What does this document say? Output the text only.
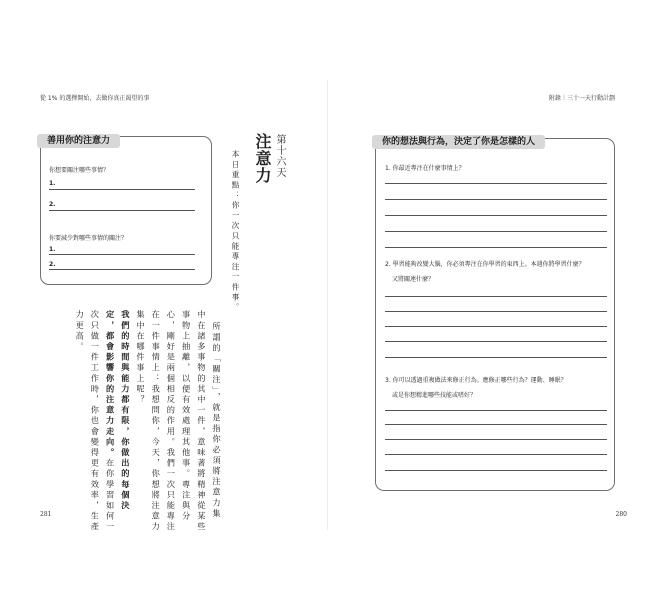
從 1% 的選擇開始，去做你真正渴望的事
善用你的注意力
你想要關注哪些事情？
1.
2.
你要減少對哪些事情的關注？
1.
2.
第十六天
注意力
本日重點：你一次只能專注一件事。
所謂的「關注」，就是指你必須將注意力集
中在諸多事物的其中一件，意味著將精神從某些
事物上抽離，以便有效處理其他事。專注與分
心，剛好是兩個相反的作用。我們一次只能專注
在一件事情上：我想問你，今天，你想將注意力
集中在哪件事上呢？
我們的時間與能力都有限，你做出的每個決
定，都會影響你的注意力走向。在你學習如何一
次只做一件工作時，你也會變得更有效率，生產
力更高。
281
附錄｜三十一天行動計劃
你的想法與行為，決定了你是怎樣的人
1. 你最近專注在什麼事情上？
2. 學習能夠改變大腦，你必須專注在你學習的東西上。本週你將學習什麼？
又將關連什麼？
3. 你可以透過重複做法來修正行為。應修正哪些行為？運動、睡眠？
或是你想精進哪些技能或嗜好？
280
